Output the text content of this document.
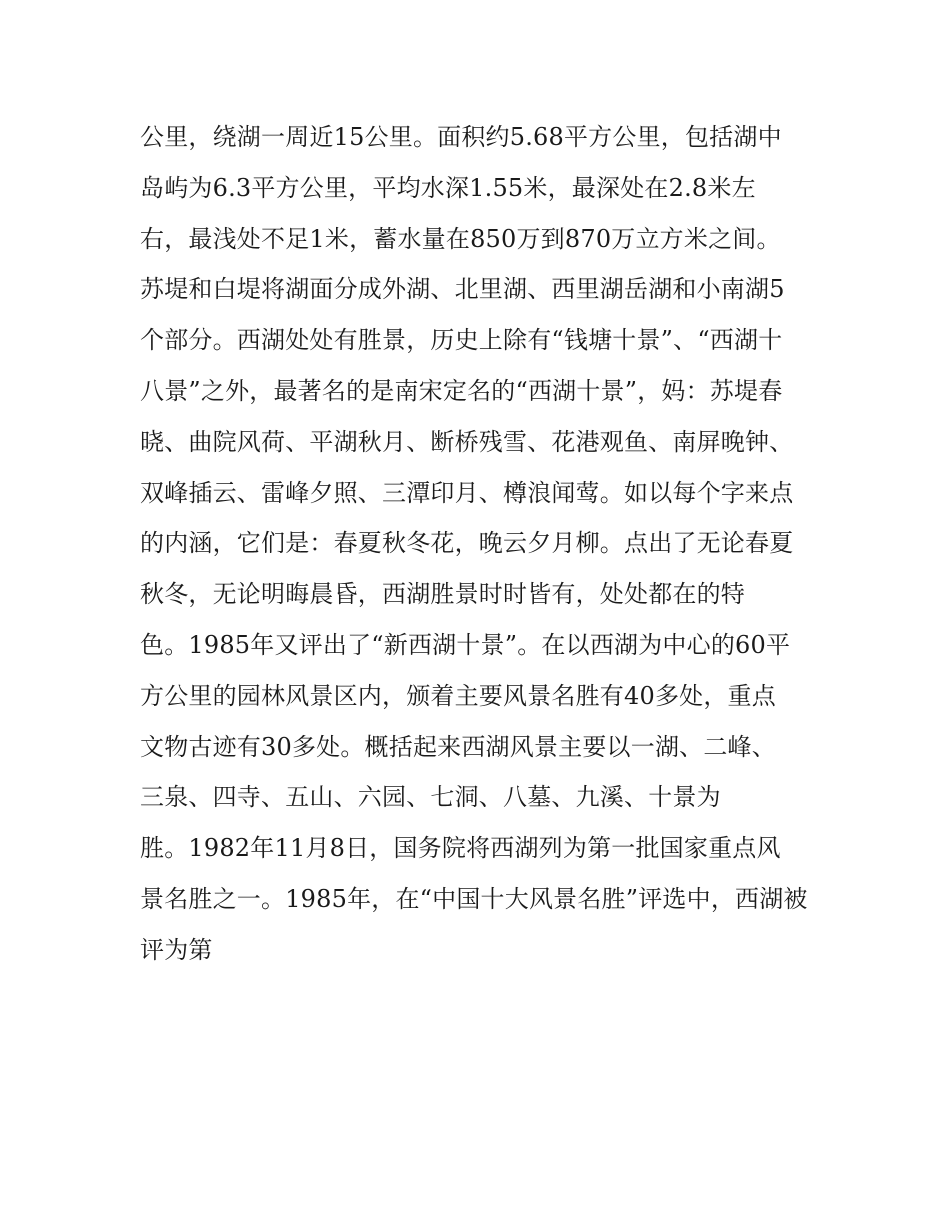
公里，绕湖一周近15公里。面积约5.68平方公里，包括湖中
岛屿为6.3平方公里，平均水深1.55米，最深处在2.8米左
右，最浅处不足1米，蓄水量在850万到870万立方米之间。
苏堤和白堤将湖面分成外湖、北里湖、西里湖岳湖和小南湖5
个部分。西湖处处有胜景，历史上除有“钱塘十景”、“西湖十
八景”之外，最著名的是南宋定名的“西湖十景”，妈：苏堤春
晓、曲院风荷、平湖秋月、断桥残雪、花港观鱼、南屏晚钟、
双峰插云、雷峰夕照、三潭印月、樽浪闻莺。如以每个字来点
的内涵，它们是：春夏秋冬花，晚云夕月柳。点出了无论春夏
秋冬，无论明晦晨昏，西湖胜景时时皆有，处处都在的特
色。1985年又评出了“新西湖十景”。在以西湖为中心的60平
方公里的园林风景区内，颁着主要风景名胜有40多处，重点
文物古迹有30多处。概括起来西湖风景主要以一湖、二峰、
三泉、四寺、五山、六园、七洞、八墓、九溪、十景为
胜。1982年11月8日，国务院将西湖列为第一批国家重点风
景名胜之一。1985年，在“中国十大风景名胜”评选中，西湖被
评为第
